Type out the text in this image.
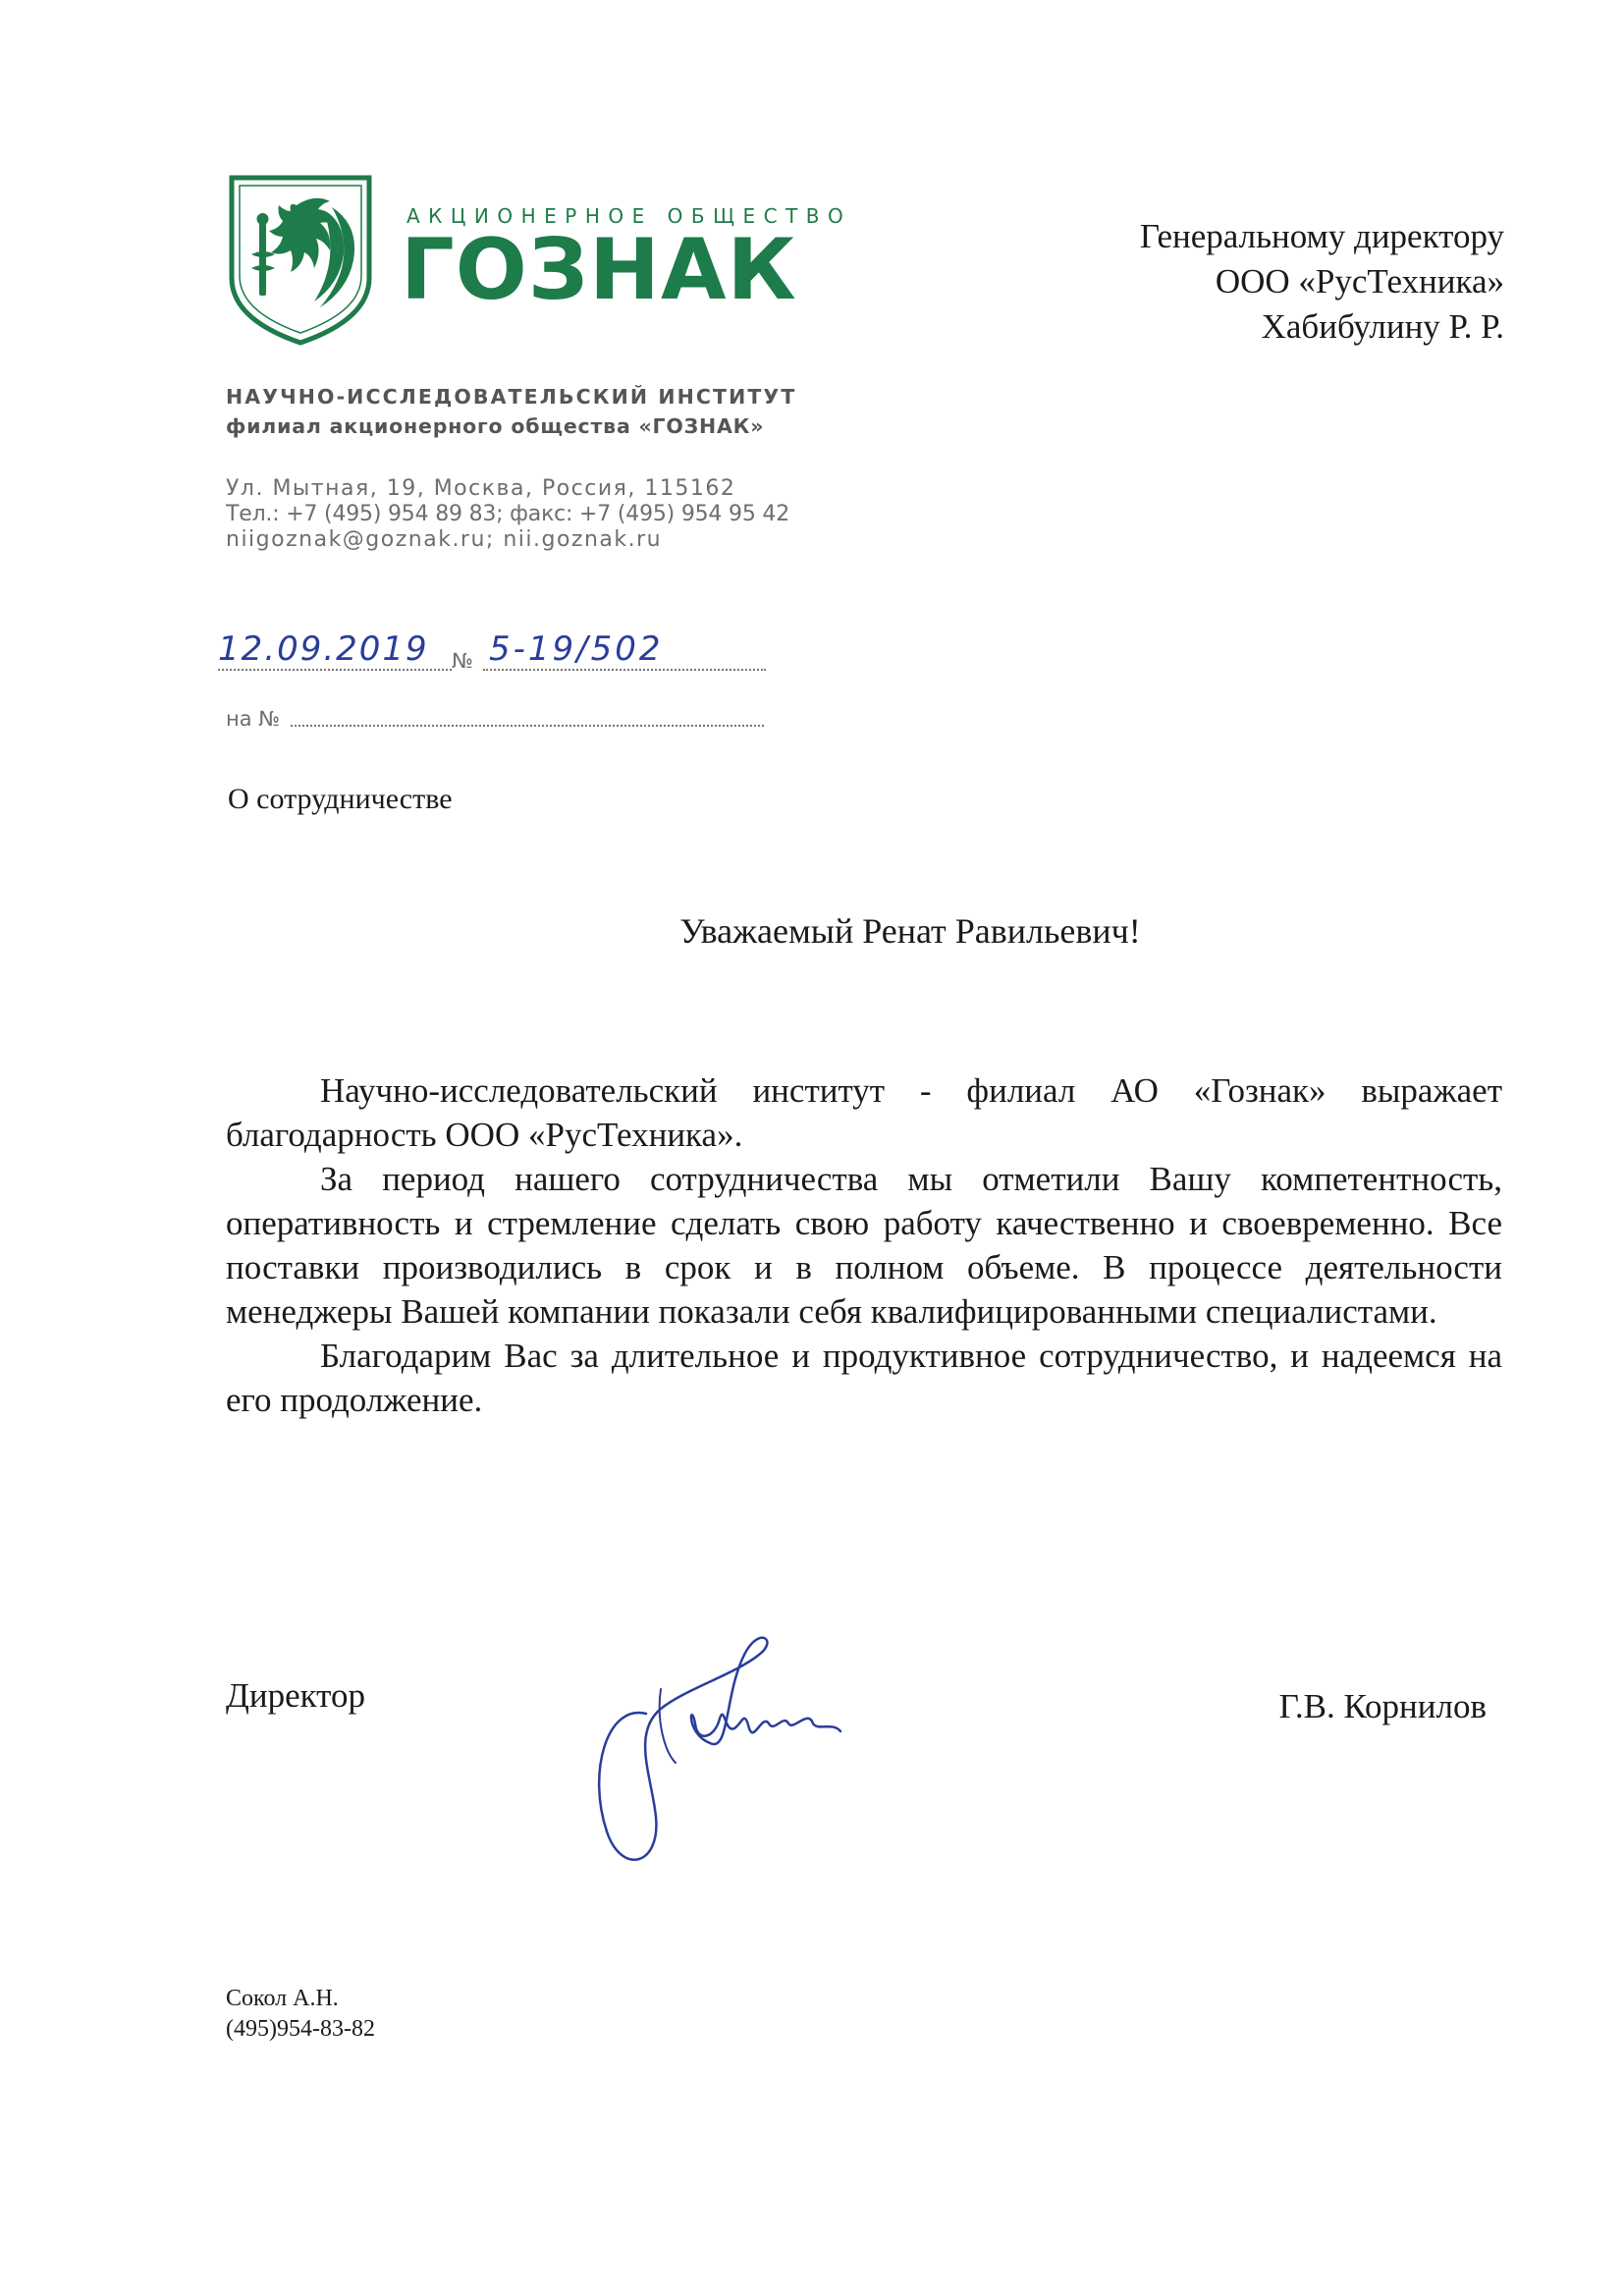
АКЦИОНЕРНОЕ ОБЩЕСТВО
ГОЗНАК
НАУЧНО-ИССЛЕДОВАТЕЛЬСКИЙ ИНСТИТУТ
филиал акционерного общества «ГОЗНАК»
Ул. Мытная, 19, Москва, Россия, 115162
Тел.: +7 (495) 954 89 83; факс: +7 (495) 954 95 42
niigoznak@goznak.ru; nii.goznak.ru
12.09.2019 № 5-19/502
на №
Генеральному директору
ООО «РусТехника»
Хабибулину Р. Р.
О сотрудничестве
Уважаемый Ренат Равильевич!

Научно-исследовательский институт - филиал АО «Гознак» выражает благодарность ООО «РусТехника».

За период нашего сотрудничества мы отметили Вашу компетентность, оперативность и стремление сделать свою работу качественно и своевременно. Все поставки производились в срок и в полном объеме. В процессе деятельности менеджеры Вашей компании показали себя квалифицированными специалистами.

Благодарим Вас за длительное и продуктивное сотрудничество, и надеемся на его продолжение.

Директор	Г.В. Корнилов
Сокол А.Н.
(495)954-83-82
